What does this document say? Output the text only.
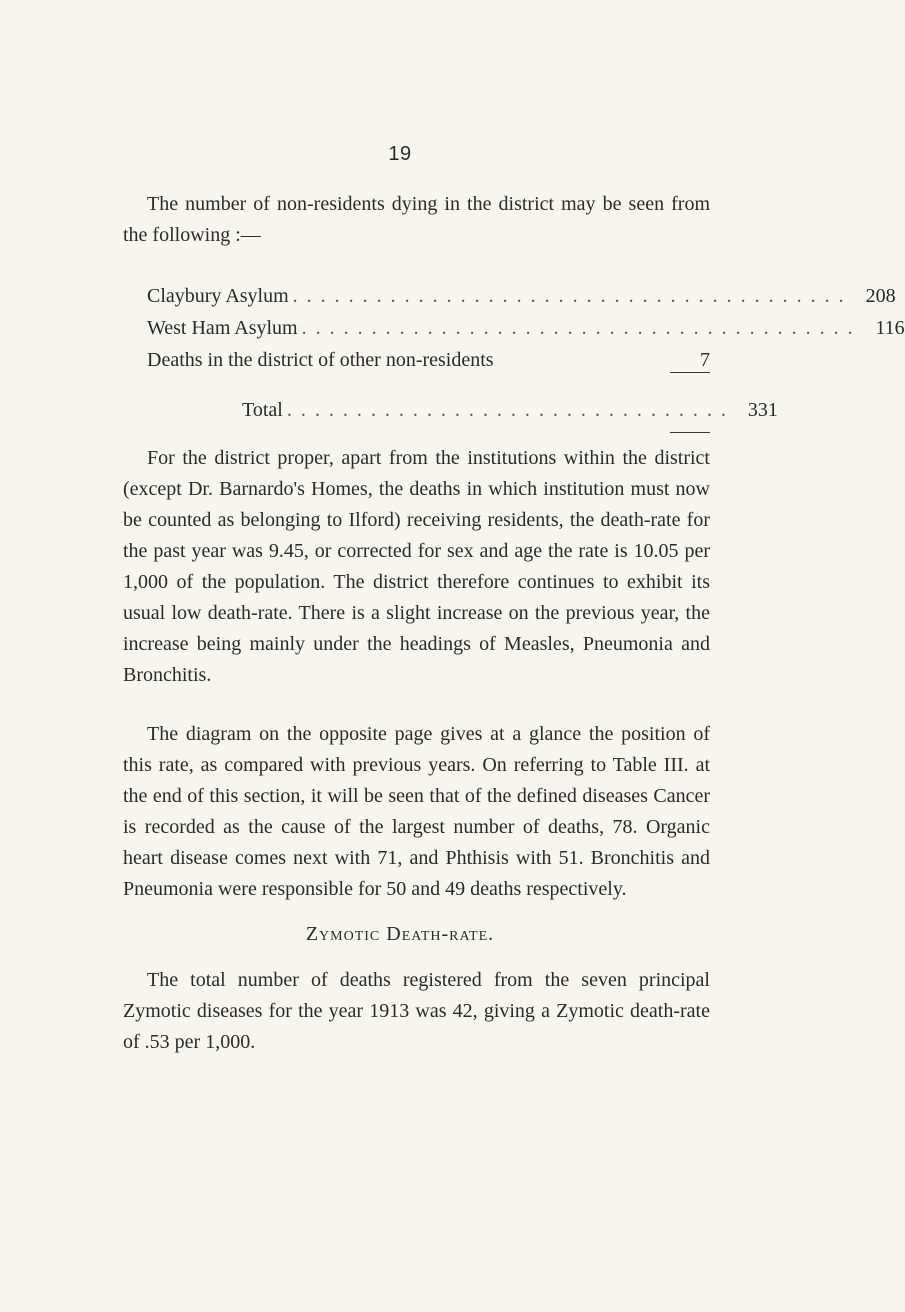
19

The number of non-residents dying in the district may be seen from the following :—

Claybury Asylum . . . . . . . . . . . . . . . . . . . . . . . . . . . . . . . . . . . . . . . .	208
West Ham Asylum . . . . . . . . . . . . . . . . . . . . . . . . . . . . . . . . . . . . . . . .	116
Deaths in the district of other non-residents	7
Total . . . . . . . . . . . . . . . . . . . . . . . . . . . . . . . .	331

For the district proper, apart from the institutions within the district (except Dr. Barnardo's Homes, the deaths in which institution must now be counted as belonging to Ilford) receiving residents, the death-rate for the past year was 9.45, or corrected for sex and age the rate is 10.05 per 1,000 of the population. The district therefore continues to exhibit its usual low death-rate. There is a slight increase on the previous year, the increase being mainly under the headings of Measles, Pneumonia and Bronchitis.

The diagram on the opposite page gives at a glance the position of this rate, as compared with previous years. On referring to Table III. at the end of this section, it will be seen that of the defined diseases Cancer is recorded as the cause of the largest number of deaths, 78. Organic heart disease comes next with 71, and Phthisis with 51. Bronchitis and Pneumonia were responsible for 50 and 49 deaths respectively.

Zymotic Death-rate.

The total number of deaths registered from the seven principal Zymotic diseases for the year 1913 was 42, giving a Zymotic death-rate of .53 per 1,000.
